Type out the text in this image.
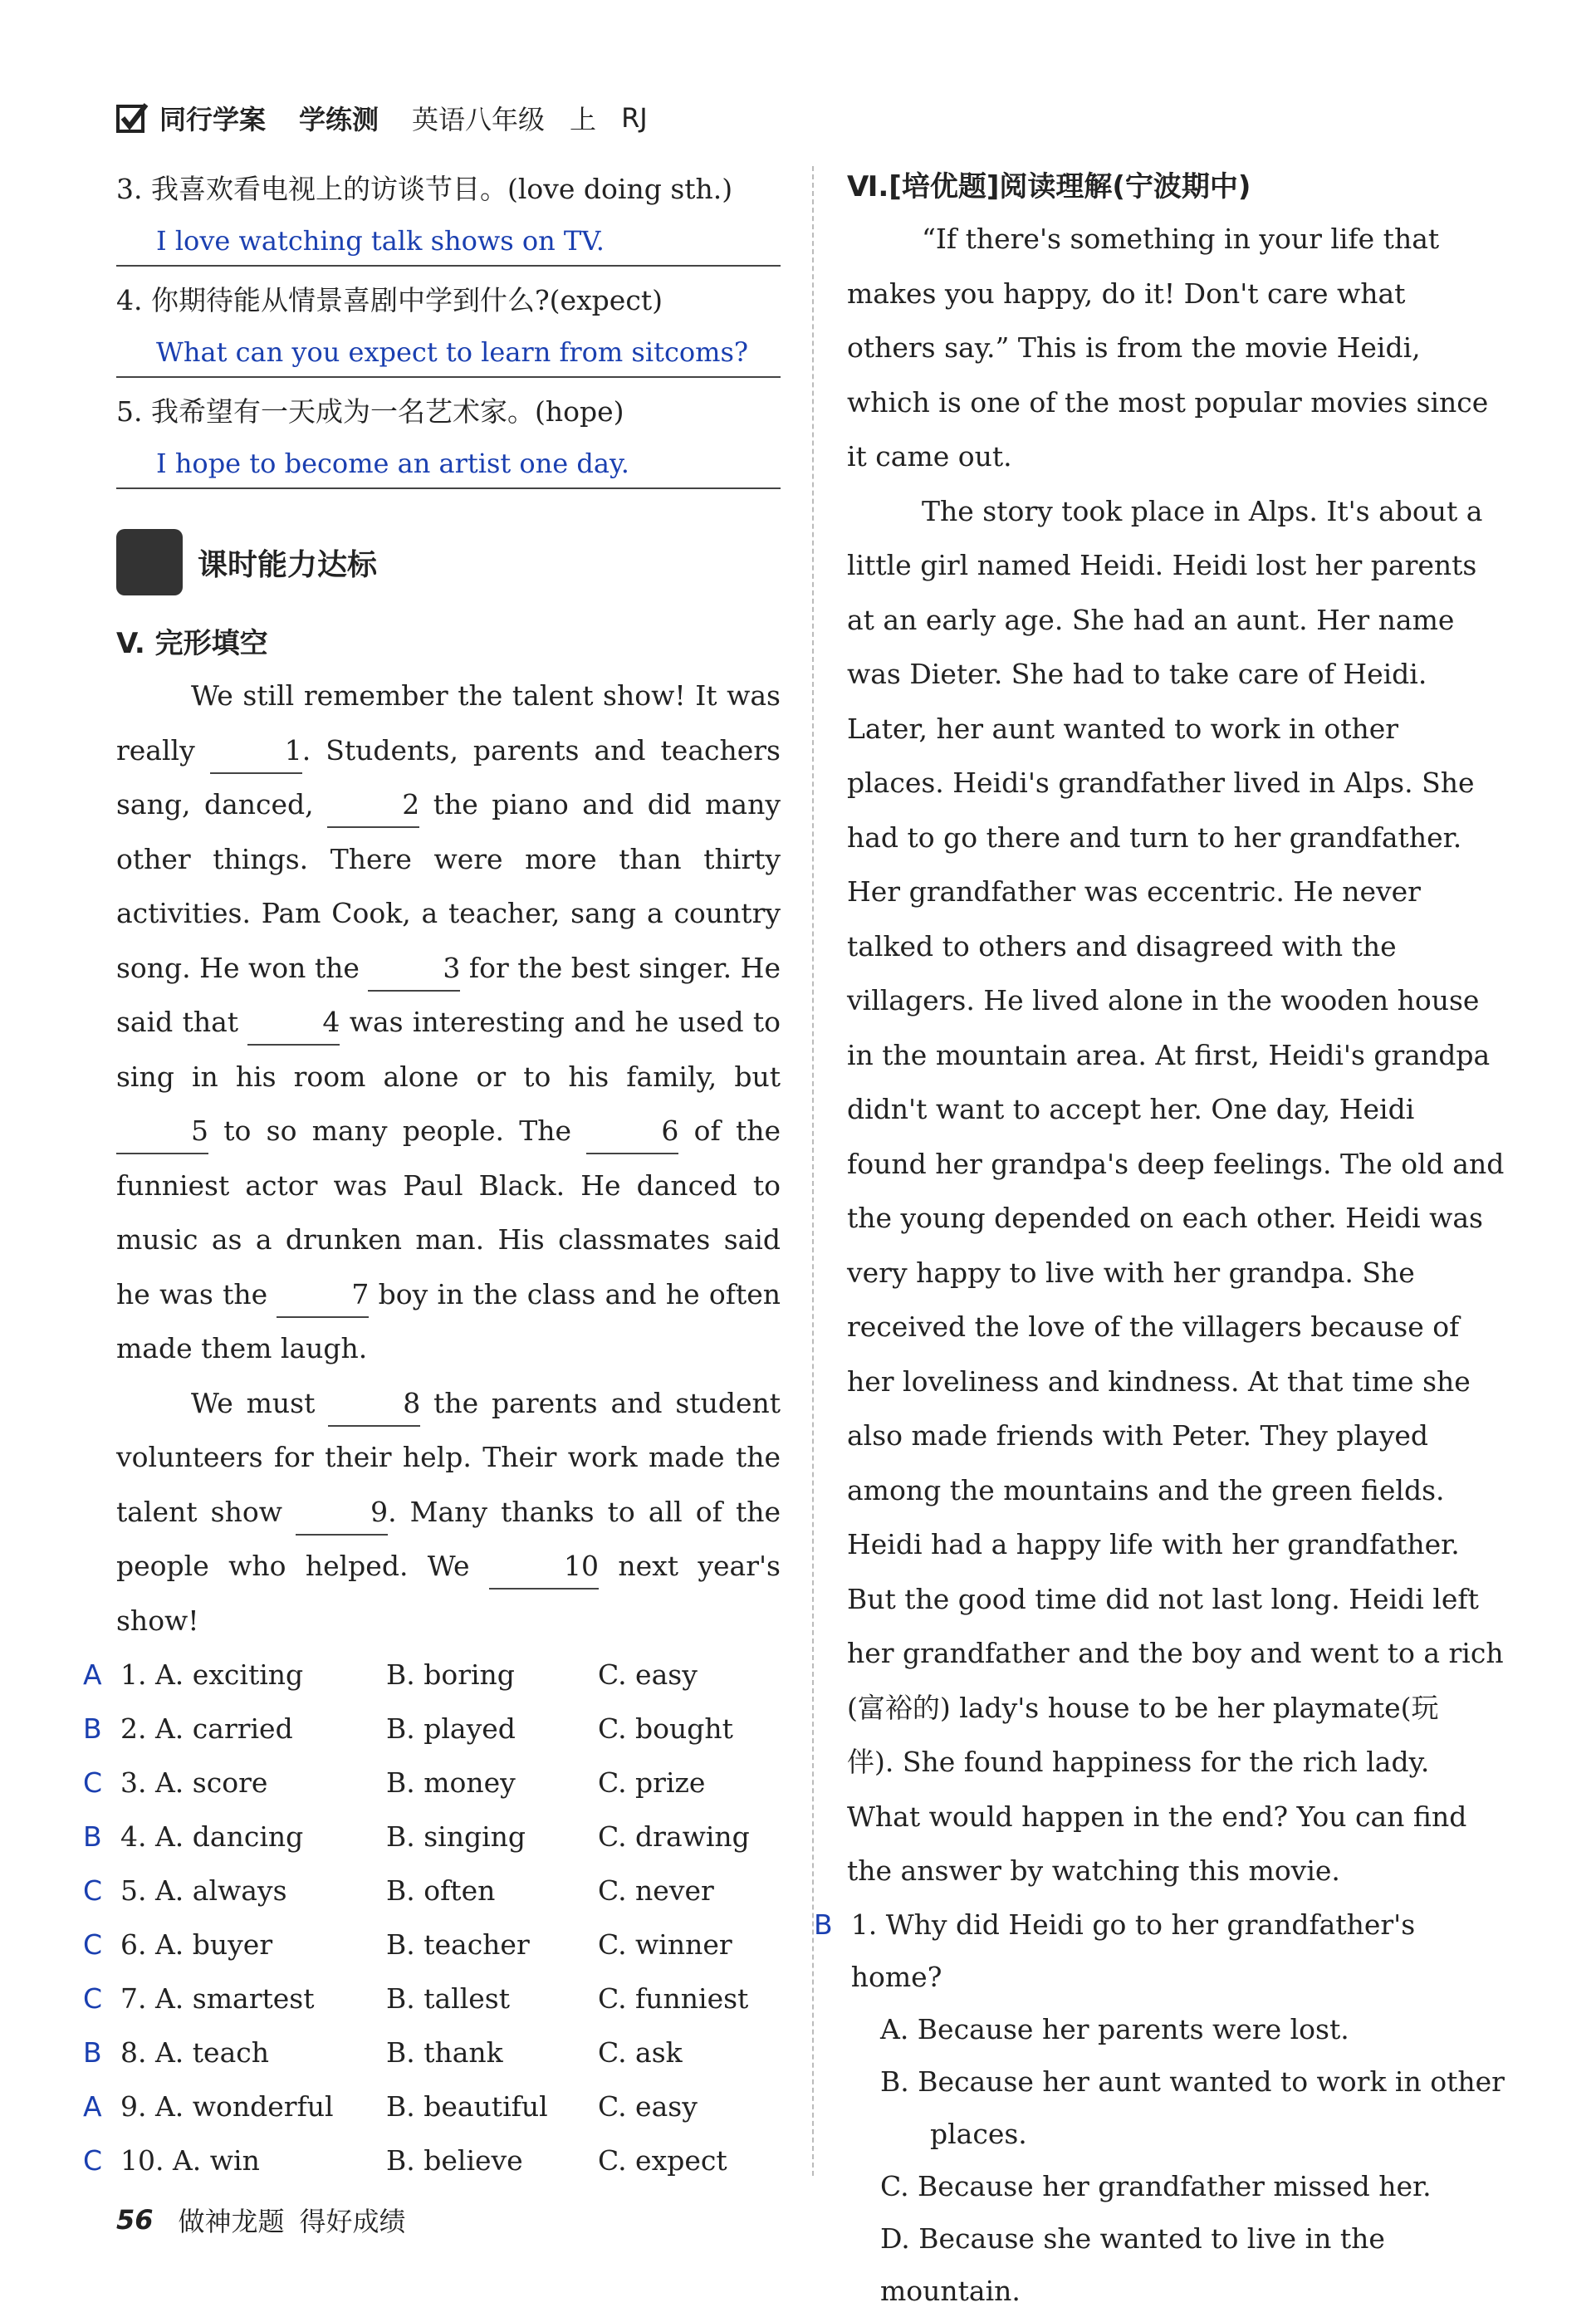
同行学案 学练测 英语八年级 上 RJ
3. 我喜欢看电视上的访谈节目。(love doing sth.)
I love watching talk shows on TV.
4. 你期待能从情景喜剧中学到什么?(expect)
What can you expect to learn from sitcoms?
5. 我希望有一天成为一名艺术家。(hope)
I hope to become an artist one day.
课时能力达标
V. 完形填空
We still remember the talent show! It was really	1. Students, parents and teachers sang, danced,	2 the piano and did many other things. There were more than thirty activities. Pam Cook, a teacher, sang a country song. He won the	3 for the best singer. He said that	4 was interesting and he used to sing in his room alone or to his family, but 5 to so many people. The	6 of the funniest actor was Paul Black. He danced to music as a drunken man. His classmates said he was the	7 boy in the class and he often made them laugh.
We must	8 the parents and student volunteers for their help. Their work made the talent show	9. Many thanks to all of the people who helped. We	10 next year's show!
A 1. A. exciting	B. boring	C. easy
B 2. A. carried	B. played	C. bought
C 3. A. score	B. money	C. prize
B 4. A. dancing	B. singing	C. drawing
C 5. A. always	B. often	C. never
C 6. A. buyer	B. teacher	C. winner
C 7. A. smartest	B. tallest	C. funniest
B 8. A. teach	B. thank	C. ask
A 9. A. wonderful	B. beautiful	C. easy
C 10. A. win	B. believe	C. expect
Ⅵ.[培优题]阅读理解(宁波期中)
“If there's something in your life that
makes you happy, do it! Don't care what
others say.” This is from the movie Heidi,
which is one of the most popular movies since
it came out.
The story took place in Alps. It's about a
little girl named Heidi. Heidi lost her parents
at an early age. She had an aunt. Her name
was Dieter. She had to take care of Heidi.
Later, her aunt wanted to work in other
places. Heidi's grandfather lived in Alps. She
had to go there and turn to her grandfather.
Her grandfather was eccentric. He never
talked to others and disagreed with the
villagers. He lived alone in the wooden house
in the mountain area. At first, Heidi's grandpa
didn't want to accept her. One day, Heidi
found her grandpa's deep feelings. The old and
the young depended on each other. Heidi was
very happy to live with her grandpa. She
received the love of the villagers because of
her loveliness and kindness. At that time she
also made friends with Peter. They played
among the mountains and the green fields.
Heidi had a happy life with her grandfather.
But the good time did not last long. Heidi left
her grandfather and the boy and went to a rich
(富裕的) lady's house to be her playmate(玩
伴). She found happiness for the rich lady.
What would happen in the end? You can find
the answer by watching this movie.
B 1. Why did Heidi go to her grandfather's home?
A. Because her parents were lost.
B. Because her aunt wanted to work in other
places.
C. Because her grandfather missed her.
D. Because she wanted to live in the mountain.
56 做神龙题 得好成绩
